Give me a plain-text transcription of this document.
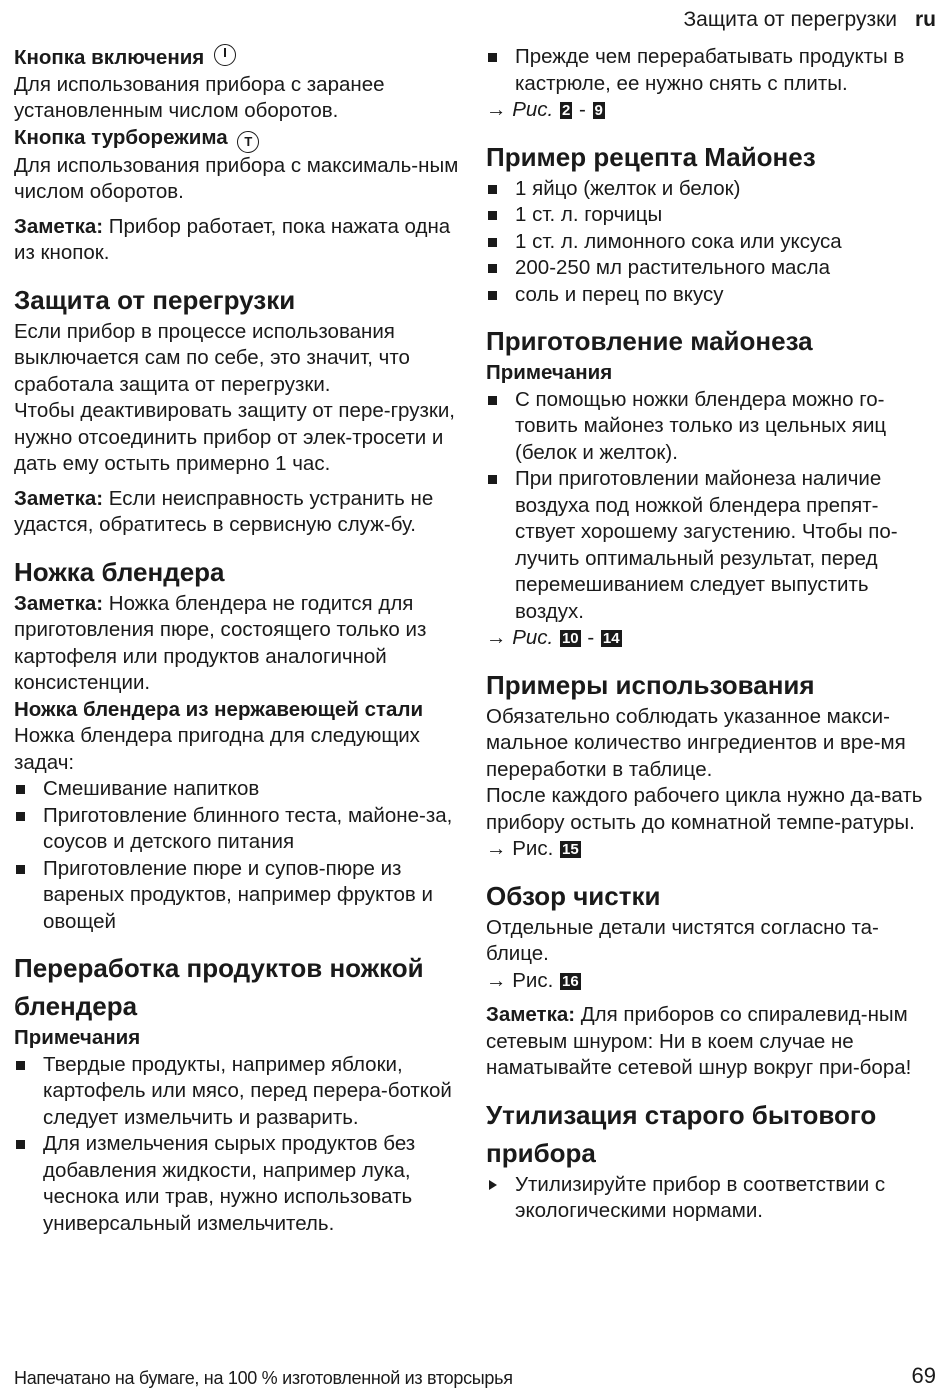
Защита от перегрузки ru
Кнопка включения

Для использования прибора с заранее установленным числом оборотов.

Кнопка турборежима T

Для использования прибора с максималь-ным числом оборотов.

Заметка: Прибор работает, пока нажата одна из кнопок.

Защита от перегрузки

Если прибор в процессе использования выключается сам по себе, это значит, что сработала защита от перегрузки.

Чтобы деактивировать защиту от пере-грузки, нужно отсоединить прибор от элек-тросети и дать ему остыть примерно 1 час.

Заметка: Если неисправность устранить не удастся, обратитесь в сервисную служ-бу.

Ножка блендера

Заметка: Ножка блендера не годится для приготовления пюре, состоящего только из картофеля или продуктов аналогичной консистенции.

Ножка блендера из нержавеющей стали

Ножка блендера пригодна для следующих задач:

Смешивание напитков
Приготовление блинного теста, майоне-за, соусов и детского питания
Приготовление пюре и супов-пюре из вареных продуктов, например фруктов и овощей
Переработка продуктов ножкой блендера
Примечания
Твердые продукты, например яблоки, картофель или мясо, перед перера-боткой следует измельчить и разварить.
Для измельчения сырых продуктов без добавления жидкости, например лука, чеснока или трав, нужно использовать универсальный измельчитель.
Прежде чем перерабатывать продукты в кастрюле, ее нужно снять с плиты.

→ Рис. 2 - 9

Пример рецепта Майонез
1 яйцо (желток и белок)
1 ст. л. горчицы
1 ст. л. лимонного сока или уксуса
200-250 мл растительного масла
соль и перец по вкусу
Приготовление майонеза
Примечания
С помощью ножки блендера можно го-товить майонез только из цельных яиц (белок и желток).
При приготовлении майонеза наличие воздуха под ножкой блендера препят-ствует хорошему загустению. Чтобы по-лучить оптимальный результат, перед перемешиванием следует выпустить воздух.

→ Рис. 10 - 14

Примеры использования

Обязательно соблюдать указанное макси-мальное количество ингредиентов и вре-мя переработки в таблице.

После каждого рабочего цикла нужно да-вать прибору остыть до комнатной темпе-ратуры.

→ Рис. 15

Обзор чистки

Отдельные детали чистятся согласно та-блице.

→ Рис. 16

Заметка: Для приборов со спиралевид-ным сетевым шнуром: Ни в коем случае не наматывайте сетевой шнур вокруг при-бора!

Утилизация старого бытового прибора
Утилизируйте прибор в соответствии с экологическими нормами.
Напечатано на бумаге, на 100 % изготовленной из вторсырья	69
